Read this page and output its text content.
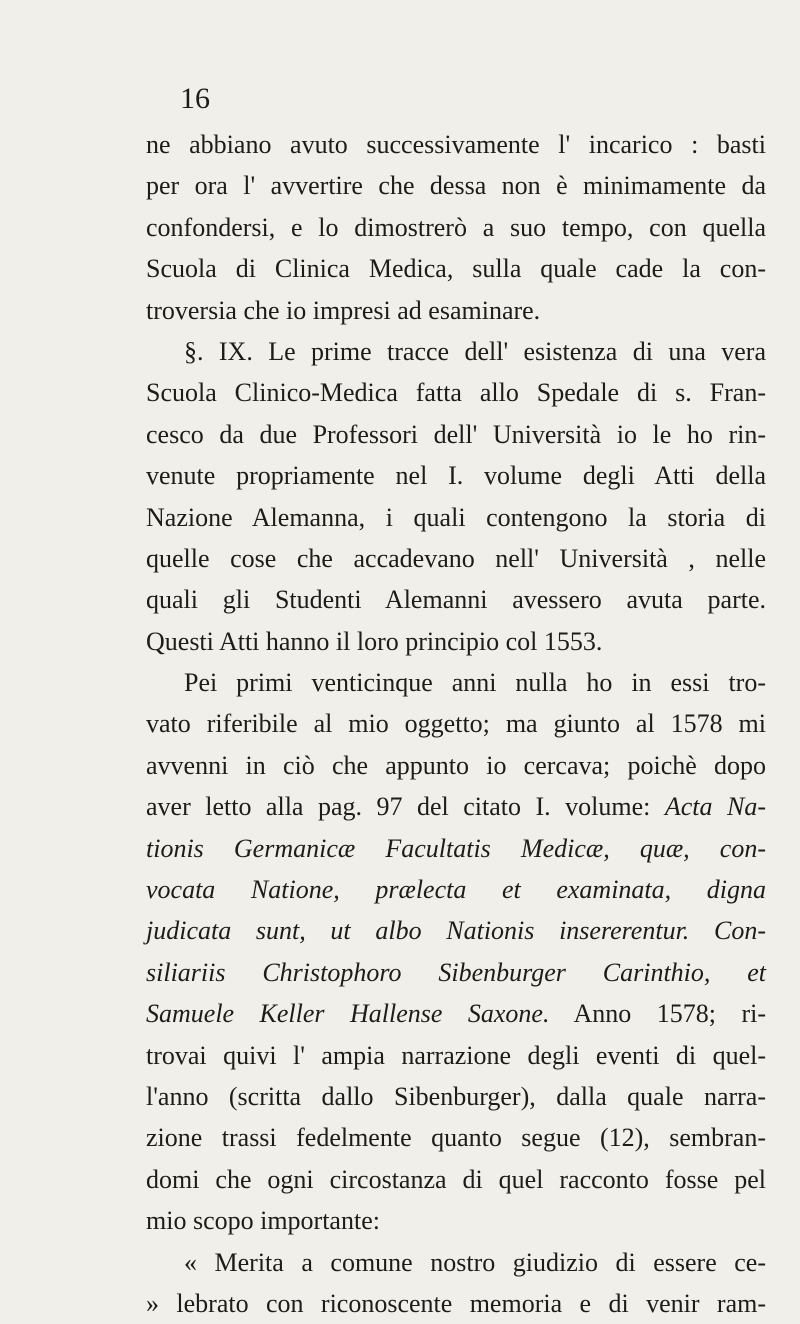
16
ne abbiano avuto successivamente l' incarico : basti
per ora l' avvertire che dessa non è minimamente da
confondersi, e lo dimostrerò a suo tempo, con quella
Scuola di Clinica Medica, sulla quale cade la con-
troversia che io impresi ad esaminare.
§. IX. Le prime tracce dell' esistenza di una vera
Scuola Clinico-Medica fatta allo Spedale di s. Fran-
cesco da due Professori dell' Università io le ho rin-
venute propriamente nel I. volume degli Atti della
Nazione Alemanna, i quali contengono la storia di
quelle cose che accadevano nell' Università , nelle
quali gli Studenti Alemanni avessero avuta parte.
Questi Atti hanno il loro principio col 1553.
Pei primi venticinque anni nulla ho in essi tro-
vato riferibile al mio oggetto; ma giunto al 1578 mi
avvenni in ciò che appunto io cercava; poichè dopo
aver letto alla pag. 97 del citato I. volume: Acta Na-
tionis Germanicæ Facultatis Medicæ, quæ, con-
vocata Natione, prælecta et examinata, digna
judicata sunt, ut albo Nationis insererentur. Con-
siliariis Christophoro Sibenburger Carinthio, et
Samuele Keller Hallense Saxone. Anno 1578; ri-
trovai quivi l' ampia narrazione degli eventi di quel-
l'anno (scritta dallo Sibenburger), dalla quale narra-
zione trassi fedelmente quanto segue (12), sembran-
domi che ogni circostanza di quel racconto fosse pel
mio scopo importante:
« Merita a comune nostro giudizio di essere ce-
» lebrato con riconoscente memoria e di venir ram-
